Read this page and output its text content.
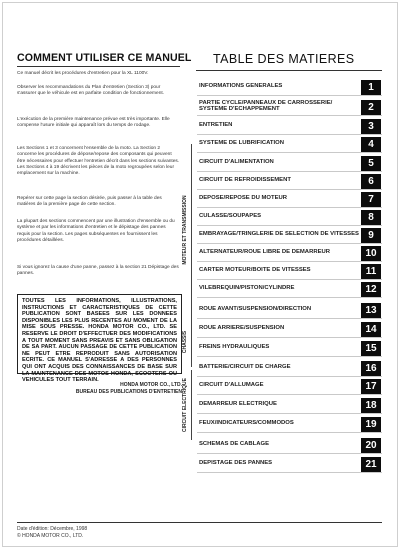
COMMENT UTILISER CE MANUEL

Ce manuel décrit les procédures d'entretien pour la XL 1100V.

Observer les recommandations du Plan d'entretien (Section 3) pour s'assurer que le véhicule est en parfaite condition de fonctionnement.

L'exécution de la première maintenance prévue est très importante. Elle compense l'usure initiale qui apparaît lors du temps de rodage.

Les Sections 1 et 3 concernent l'ensemble de la moto. La Section 2 concerne les procédures de dépose/repose des composants qui peuvent être nécessaires pour effectuer l'entretien décrit dans les sections suivantes. Les Sections 4 à 19 décrivent les pièces de la moto regroupées selon leur emplacement sur la machine.

Repérer sur cette page la section désirée, puis passer à la table des matières de la première page de cette section.

La plupart des sections commencent par une illustration d'ensemble ou du système et par les informations d'entretien et le dépistage des pannes requis pour la section. Les pages subséquentes en fournissent les procédures détaillées.

Si vous ignorez la cause d'une panne, passez à la section 21 Dépistage des pannes.

TOUTES LES INFORMATIONS, ILLUSTRATIONS, INSTRUCTIONS ET CARACTERISTIQUES DE CETTE PUBLICATION SONT BASEES SUR LES DONNEES DISPONIBLES LES PLUS RECENTES AU MOMENT DE LA MISE SOUS PRESSE. HONDA MOTOR CO., LTD. SE RESERVE LE DROIT D'EFFECTUER DES MODIFICATIONS A TOUT MOMENT SANS PREAVIS ET SANS OBLIGATION DE SA PART. AUCUN PASSAGE DE CETTE PUBLICATION NE PEUT ETRE REPRODUIT SANS AUTORISATION ECRITE. CE MANUEL S'ADRESSE A DES PERSONNES QUI ONT ACQUIS DES CONNAISSANCES DE BASE SUR LA MAINTENANCE DES MOTOS HONDA, SCOOTERS OU VEHICULES TOUT TERRAIN.
HONDA MOTOR CO., LTD.
BUREAU DES PUBLICATIONS D'ENTRETIEN
Date d'édition: Décembre, 1998
© HONDA MOTOR CO., LTD.
TABLE DES MATIERES
MOTEUR ET TRANSMISSION
CHASSIS
CIRCUIT ELECTRIQUE
INFORMATIONS GENERALES	1
PARTIE CYCLE/PANNEAUX DE CARROSSERIE/ SYSTEME D'ECHAPPEMENT	2
ENTRETIEN	3
SYSTEME DE LUBRIFICATION	4
CIRCUIT D'ALIMENTATION	5
CIRCUIT DE REFROIDISSEMENT	6
DEPOSE/REPOSE DU MOTEUR	7
CULASSE/SOUPAPES	8
EMBRAYAGE/TRINGLERIE DE SELECTION DE VITESSES 9
ALTERNATEUR/ROUE LIBRE DE DEMARREUR	10
CARTER MOTEUR/BOITE DE VITESSES	11
VILEBREQUIN/PISTON/CYLINDRE	12
ROUE AVANT/SUSPENSION/DIRECTION	13
ROUE ARRIERE/SUSPENSION	14
FREINS HYDRAULIQUES	15
BATTERIE/CIRCUIT DE CHARGE	16
CIRCUIT D'ALLUMAGE	17
DEMARREUR ELECTRIQUE	18
FEUX/INDICATEURS/COMMODOS	19
SCHEMAS DE CABLAGE	20
DEPISTAGE DES PANNES	21
